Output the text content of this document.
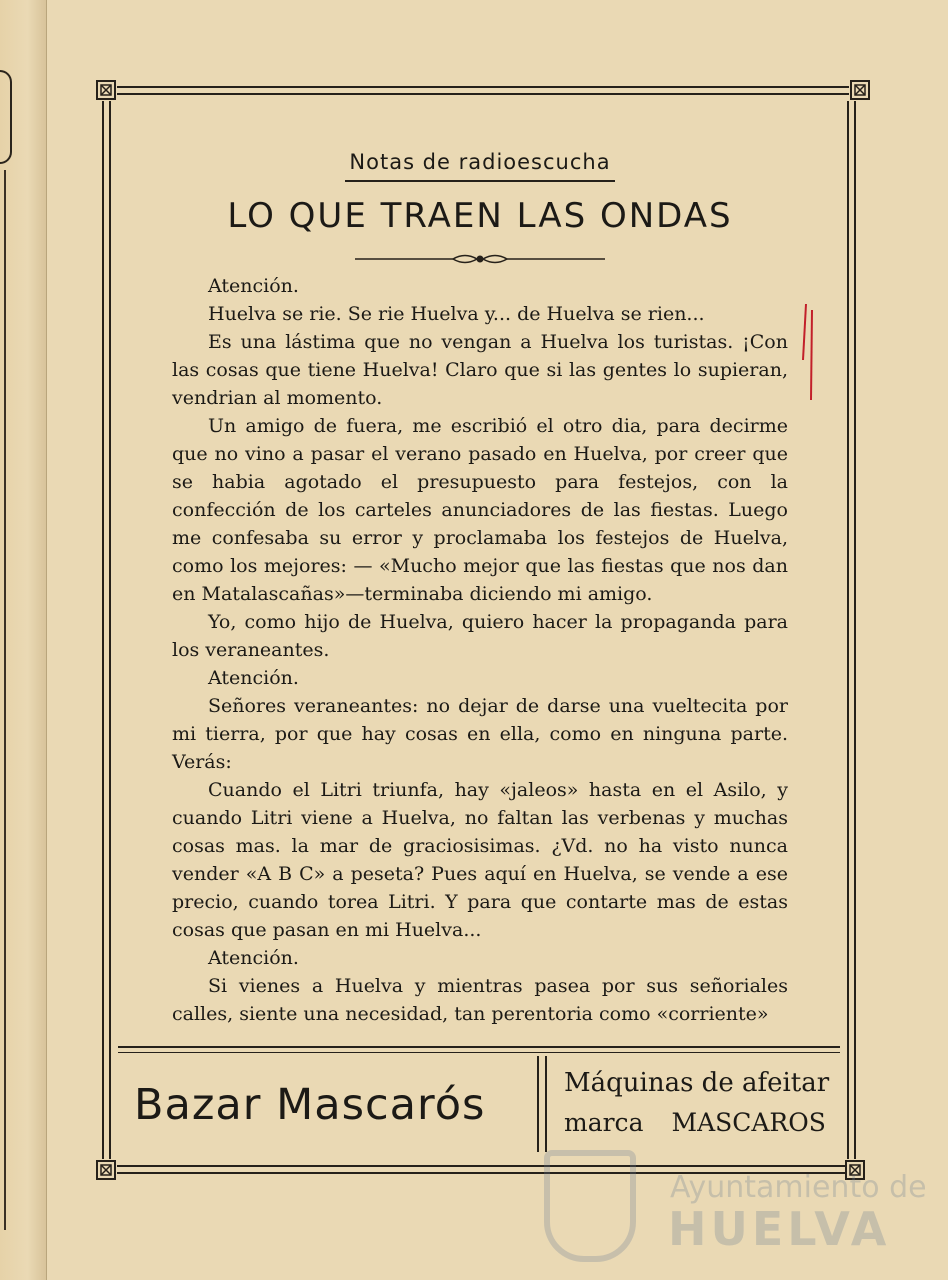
Notas de radioescucha

LO QUE TRAEN LAS ONDAS

Atención.

Huelva se rie. Se rie Huelva y... de Huelva se rien...

Es una lástima que no vengan a Huelva los turistas. ¡Con las cosas que tiene Huelva! Claro que si las gentes lo supieran, vendrian al momento.

Un amigo de fuera, me escribió el otro dia, para decirme que no vino a pasar el verano pasado en Huelva, por creer que se habia agotado el presupuesto para festejos, con la confección de los carteles anunciadores de las fiestas. Luego me confesaba su error y proclamaba los festejos de Huelva, como los mejores: — «Mucho mejor que las fiestas que nos dan en Matalascañas»—terminaba diciendo mi amigo.

Yo, como hijo de Huelva, quiero hacer la propaganda para los veraneantes.

Atención.

Señores veraneantes: no dejar de darse una vueltecita por mi tierra, por que hay cosas en ella, como en ninguna parte. Verás:

Cuando el Litri triunfa, hay «jaleos» hasta en el Asilo, y cuando Litri viene a Huelva, no faltan las verbenas y muchas cosas mas. la mar de graciosisimas. ¿Vd. no ha visto nunca vender «A B C» a peseta? Pues aquí en Huelva, se vende a ese precio, cuando torea Litri. Y para que contarte mas de estas cosas que pasan en mi Huelva...

Atención.

Si vienes a Huelva y mientras pasea por sus señoriales calles, siente una necesidad, tan perentoria como «corriente»

Bazar Mascarós	Máquinas de afeitar
marca MASCAROS
Ayuntamiento de
HUELVA
